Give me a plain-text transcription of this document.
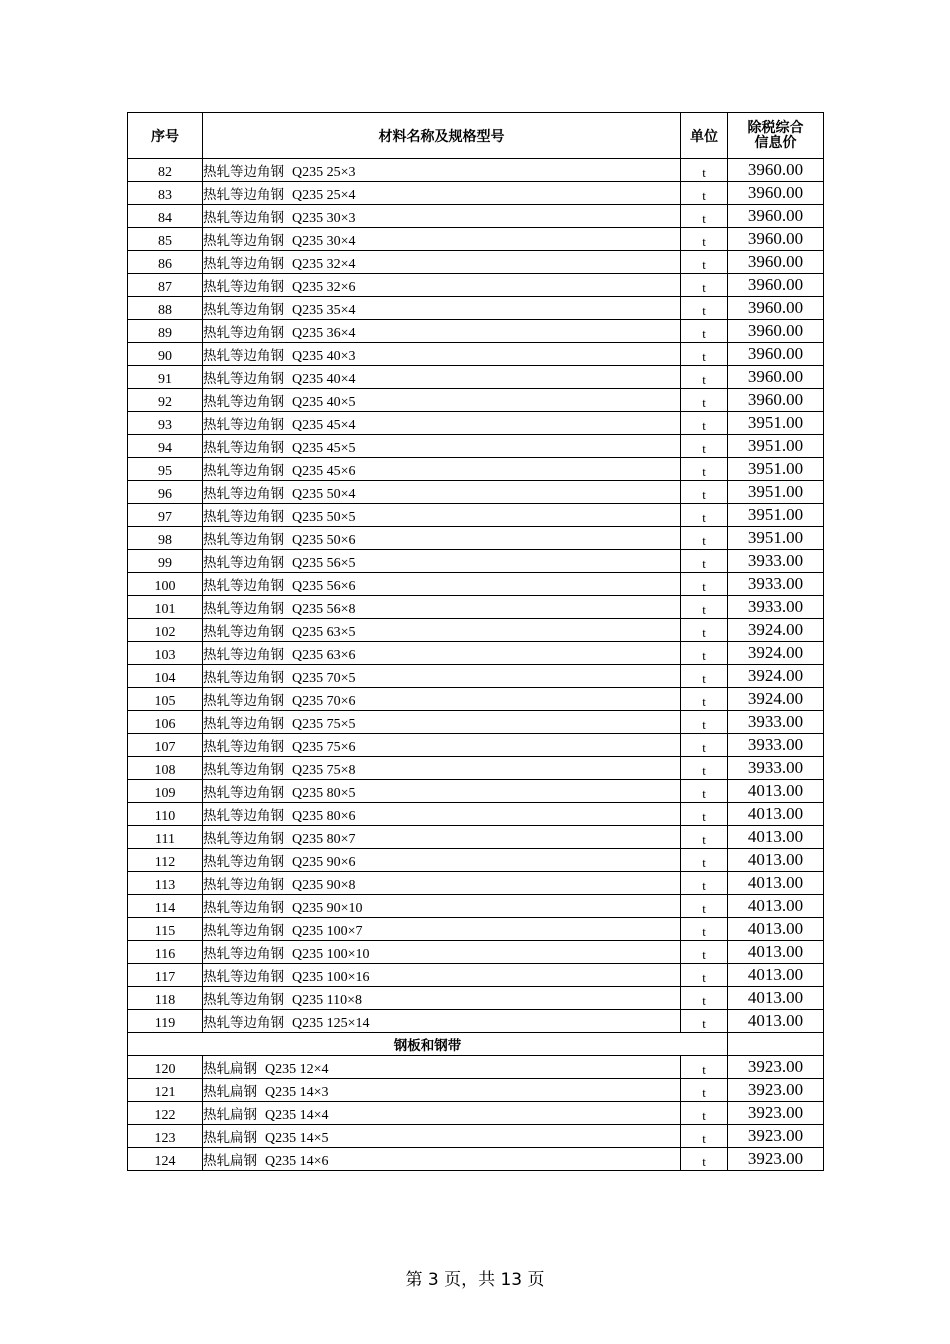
序号	材料名称及规格型号	单位	除税综合
信息价

82	热轧等边角钢 Q235 25×3	t	3960.00
83	热轧等边角钢 Q235 25×4	t	3960.00
84	热轧等边角钢 Q235 30×3	t	3960.00
85	热轧等边角钢 Q235 30×4	t	3960.00
86	热轧等边角钢 Q235 32×4	t	3960.00
87	热轧等边角钢 Q235 32×6	t	3960.00
88	热轧等边角钢 Q235 35×4	t	3960.00
89	热轧等边角钢 Q235 36×4	t	3960.00
90	热轧等边角钢 Q235 40×3	t	3960.00
91	热轧等边角钢 Q235 40×4	t	3960.00
92	热轧等边角钢 Q235 40×5	t	3960.00
93	热轧等边角钢 Q235 45×4	t	3951.00
94	热轧等边角钢 Q235 45×5	t	3951.00
95	热轧等边角钢 Q235 45×6	t	3951.00
96	热轧等边角钢 Q235 50×4	t	3951.00
97	热轧等边角钢 Q235 50×5	t	3951.00
98	热轧等边角钢 Q235 50×6	t	3951.00
99	热轧等边角钢 Q235 56×5	t	3933.00
100	热轧等边角钢 Q235 56×6	t	3933.00
101	热轧等边角钢 Q235 56×8	t	3933.00
102	热轧等边角钢 Q235 63×5	t	3924.00
103	热轧等边角钢 Q235 63×6	t	3924.00
104	热轧等边角钢 Q235 70×5	t	3924.00
105	热轧等边角钢 Q235 70×6	t	3924.00
106	热轧等边角钢 Q235 75×5	t	3933.00
107	热轧等边角钢 Q235 75×6	t	3933.00
108	热轧等边角钢 Q235 75×8	t	3933.00
109	热轧等边角钢 Q235 80×5	t	4013.00
110	热轧等边角钢 Q235 80×6	t	4013.00
111	热轧等边角钢 Q235 80×7	t	4013.00
112	热轧等边角钢 Q235 90×6	t	4013.00
113	热轧等边角钢 Q235 90×8	t	4013.00
114	热轧等边角钢 Q235 90×10	t	4013.00
115	热轧等边角钢 Q235 100×7	t	4013.00
116	热轧等边角钢 Q235 100×10	t	4013.00
117	热轧等边角钢 Q235 100×16	t	4013.00
118	热轧等边角钢 Q235 110×8	t	4013.00
119	热轧等边角钢 Q235 125×14	t	4013.00
钢板和钢带			
120	热轧扁钢 Q235 12×4	t	3923.00
121	热轧扁钢 Q235 14×3	t	3923.00
122	热轧扁钢 Q235 14×4	t	3923.00
123	热轧扁钢 Q235 14×5	t	3923.00
124	热轧扁钢 Q235 14×6	t	3923.00
第 3 页，共 13 页
